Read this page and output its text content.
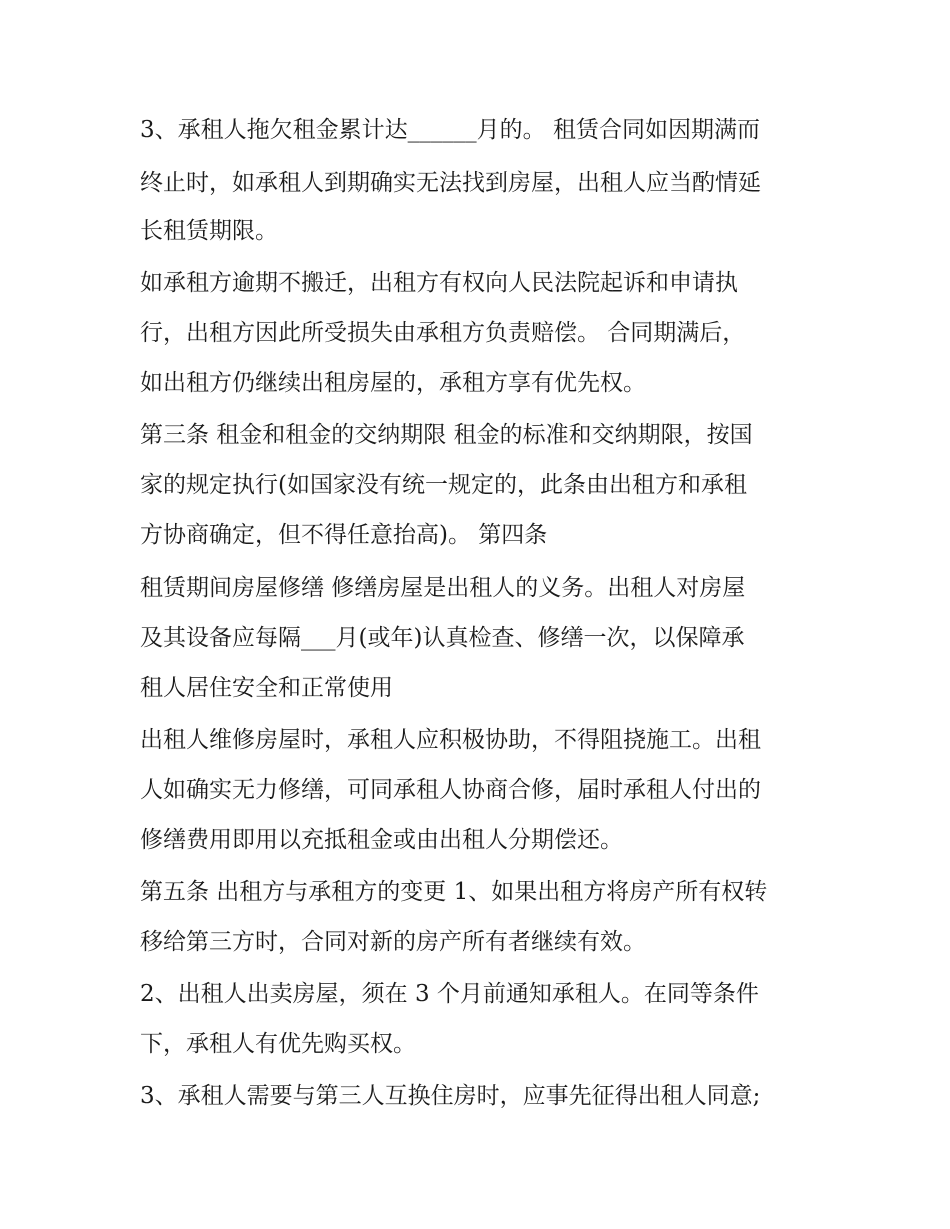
3、承租人拖欠租金累计达______月的。 租赁合同如因期满而
终止时，如承租人到期确实无法找到房屋，出租人应当酌情延
长租赁期限。
如承租方逾期不搬迁，出租方有权向人民法院起诉和申请执
行，出租方因此所受损失由承租方负责赔偿。 合同期满后，
如出租方仍继续出租房屋的，承租方享有优先权。
第三条 租金和租金的交纳期限 租金的标准和交纳期限，按国
家的规定执行(如国家没有统一规定的，此条由出租方和承租
方协商确定，但不得任意抬高)。 第四条
租赁期间房屋修缮 修缮房屋是出租人的义务。出租人对房屋
及其设备应每隔___月(或年)认真检查、修缮一次，以保障承
租人居住安全和正常使用
出租人维修房屋时，承租人应积极协助，不得阻挠施工。出租
人如确实无力修缮，可同承租人协商合修，届时承租人付出的
修缮费用即用以充抵租金或由出租人分期偿还。
第五条 出租方与承租方的变更 1、如果出租方将房产所有权转
移给第三方时，合同对新的房产所有者继续有效。
2、出租人出卖房屋，须在 3 个月前通知承租人。在同等条件
下，承租人有优先购买权。
3、承租人需要与第三人互换住房时，应事先征得出租人同意;
